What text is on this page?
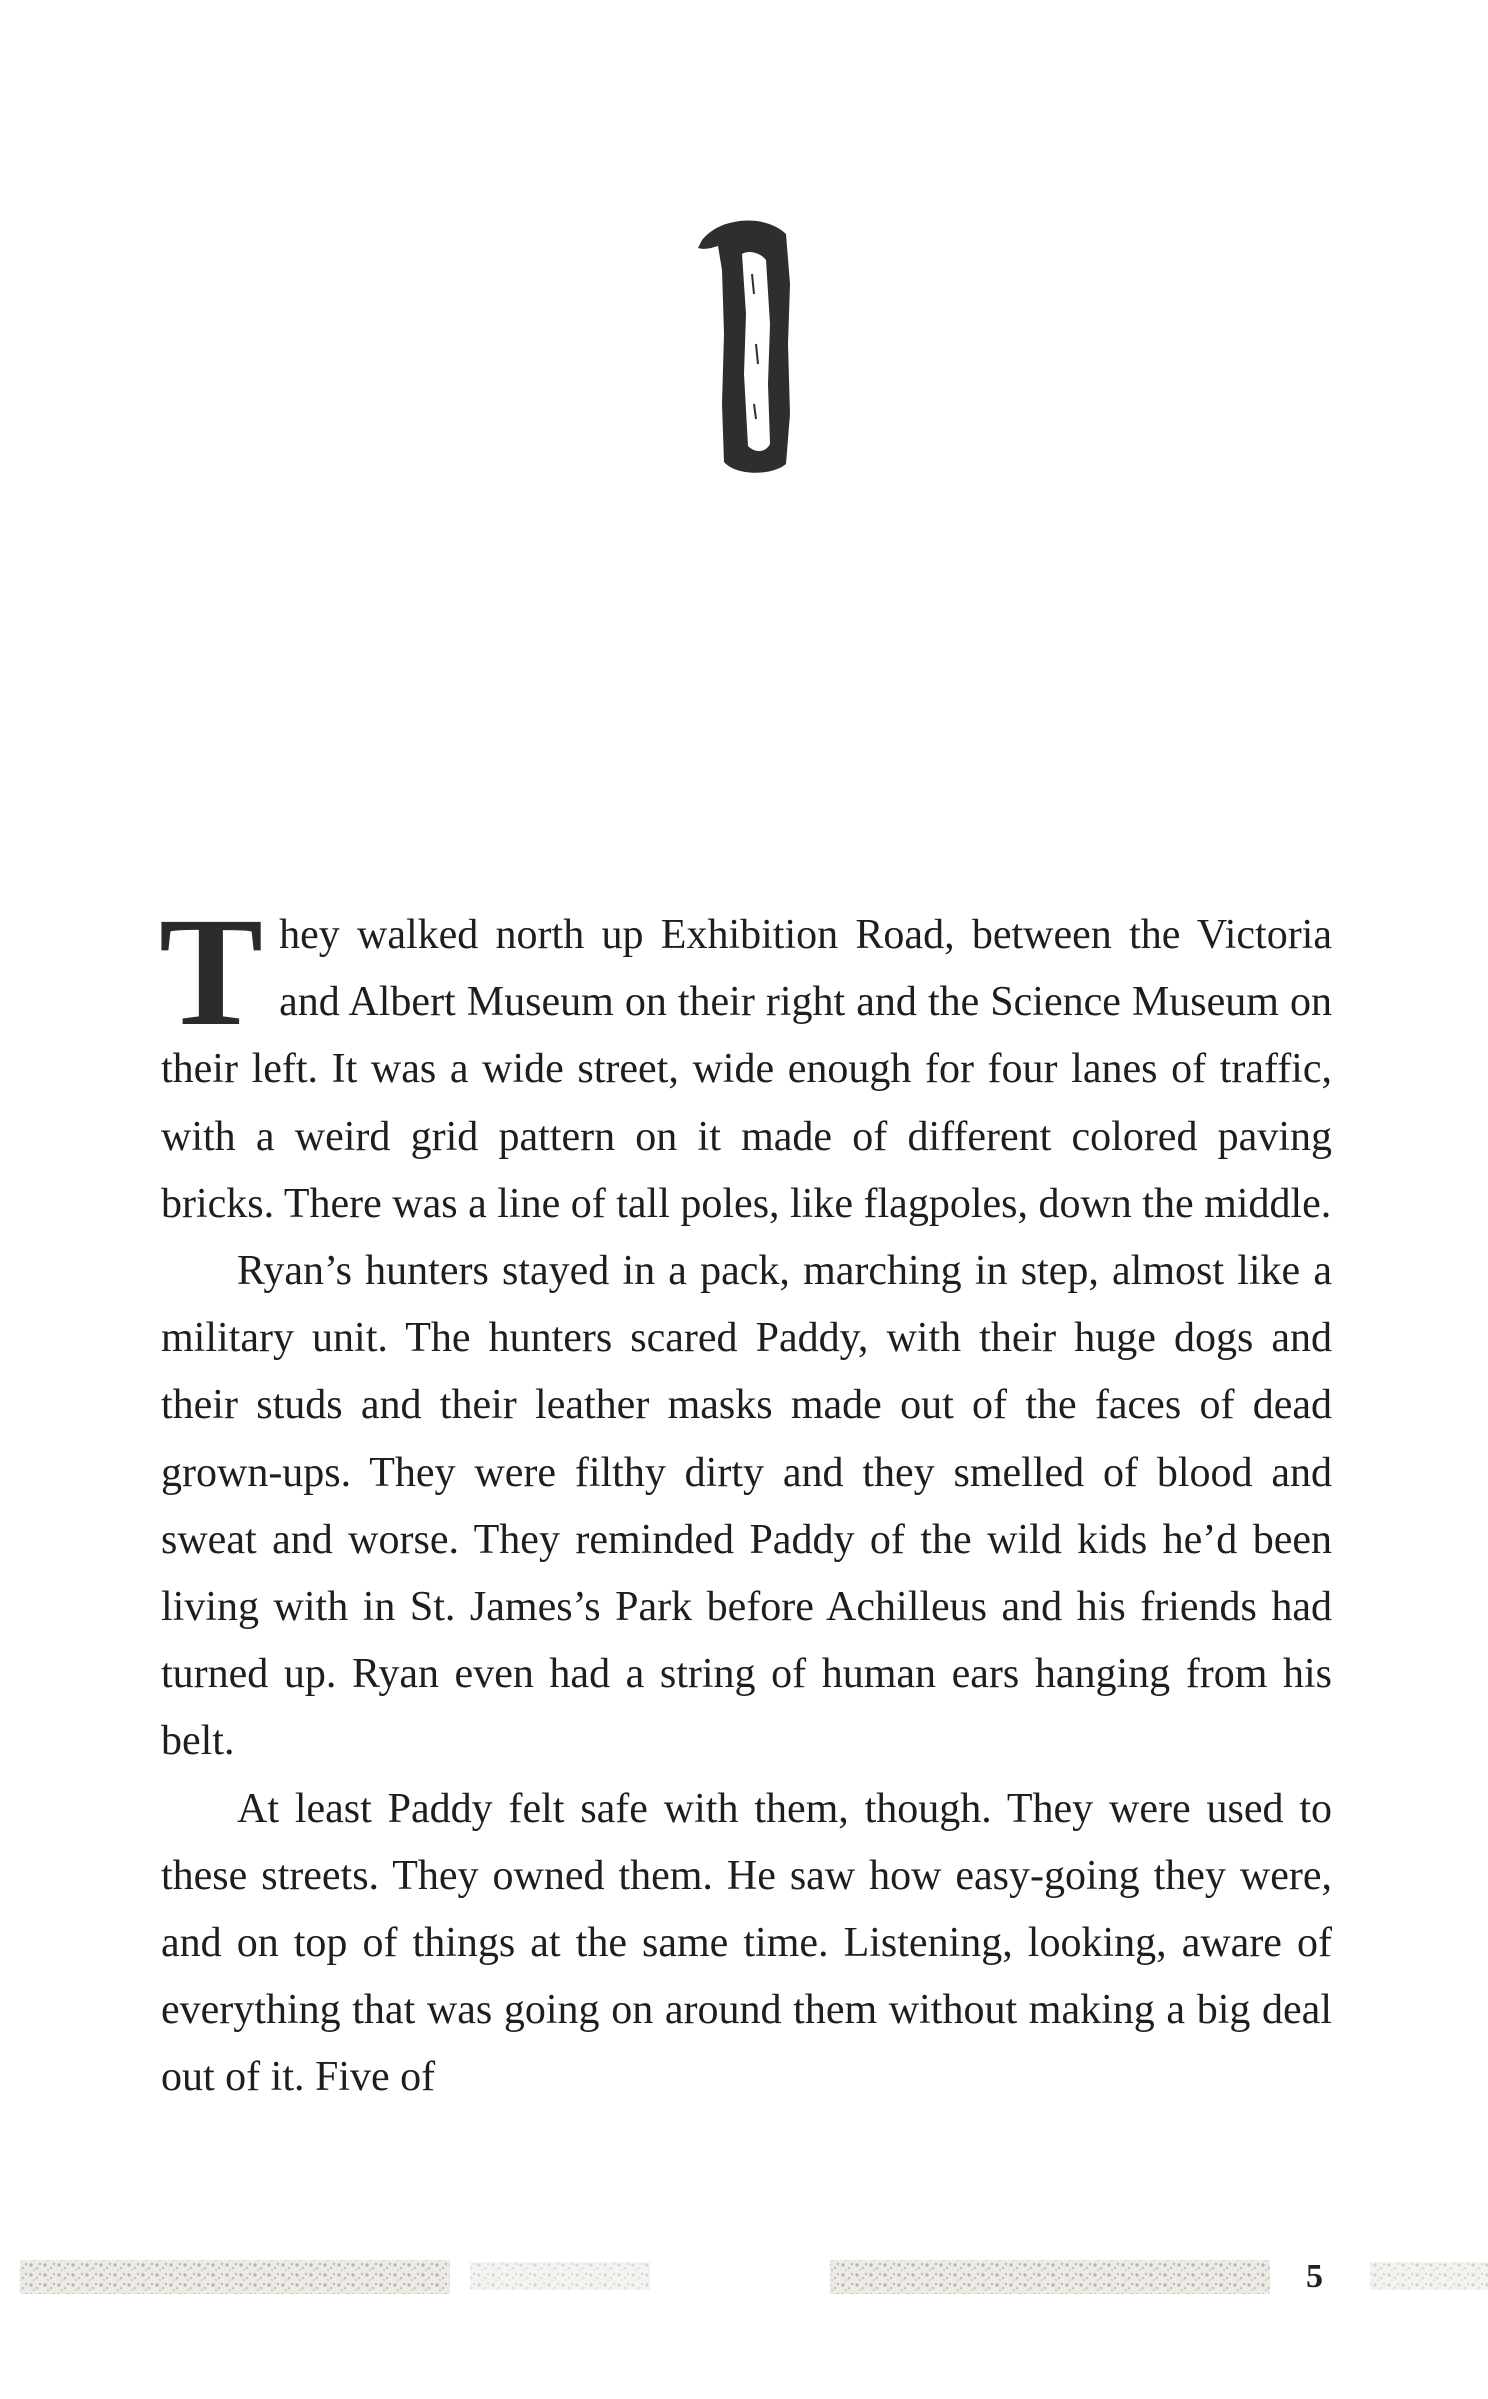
They walked north up Exhibition Road, between the Victoria and Albert Museum on their right and the Science Museum on their left. It was a wide street, wide enough for four lanes of traffic, with a weird grid pattern on it made of different colored paving bricks. There was a line of tall poles, like flagpoles, down the middle.

Ryan’s hunters stayed in a pack, marching in step, almost like a military unit. The hunters scared Paddy, with their huge dogs and their studs and their leather masks made out of the faces of dead grown-ups. They were filthy dirty and they smelled of blood and sweat and worse. They reminded Paddy of the wild kids he’d been living with in St. James’s Park before Achilleus and his friends had turned up. Ryan even had a string of human ears hanging from his belt.

At least Paddy felt safe with them, though. They were used to these streets. They owned them. He saw how easy-going they were, and on top of things at the same time. Listening, looking, aware of everything that was going on around them without making a big deal out of it. Five of

5
